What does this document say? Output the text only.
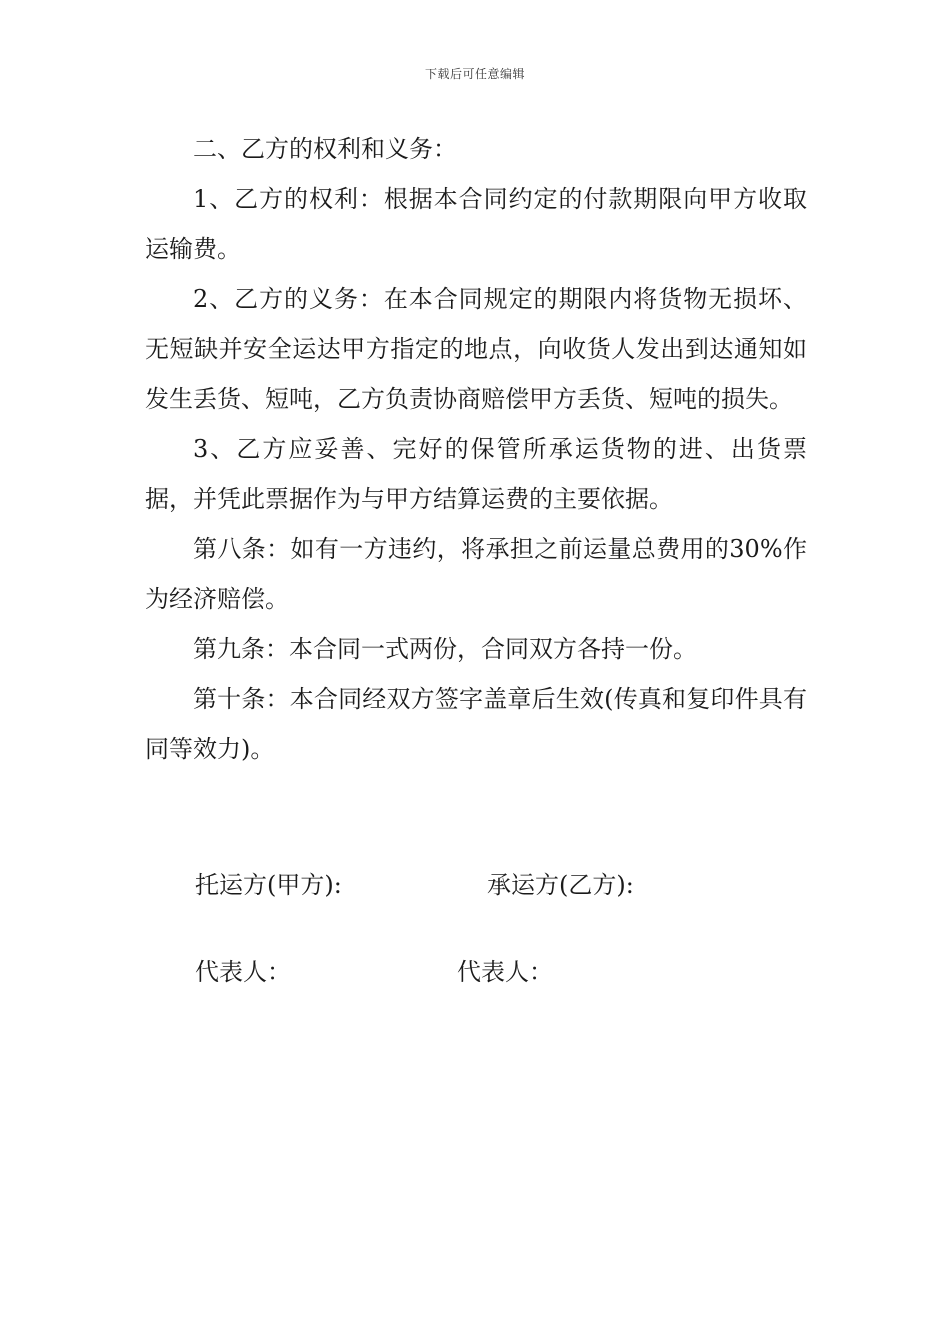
下载后可任意编辑

二、乙方的权利和义务：

1、乙方的权利：根据本合同约定的付款期限向甲方收取运输费。

2、乙方的义务：在本合同规定的期限内将货物无损坏、无短缺并安全运达甲方指定的地点，向收货人发出到达通知如发生丢货、短吨，乙方负责协商赔偿甲方丢货、短吨的损失。

3、乙方应妥善、完好的保管所承运货物的进、出货票据，并凭此票据作为与甲方结算运费的主要依据。

第八条：如有一方违约，将承担之前运量总费用的30%作为经济赔偿。

第九条：本合同一式两份，合同双方各持一份。

第十条：本合同经双方签字盖章后生效(传真和复印件具有同等效力)。

托运方(甲方):	承运方(乙方):
代表人：	代表人：
